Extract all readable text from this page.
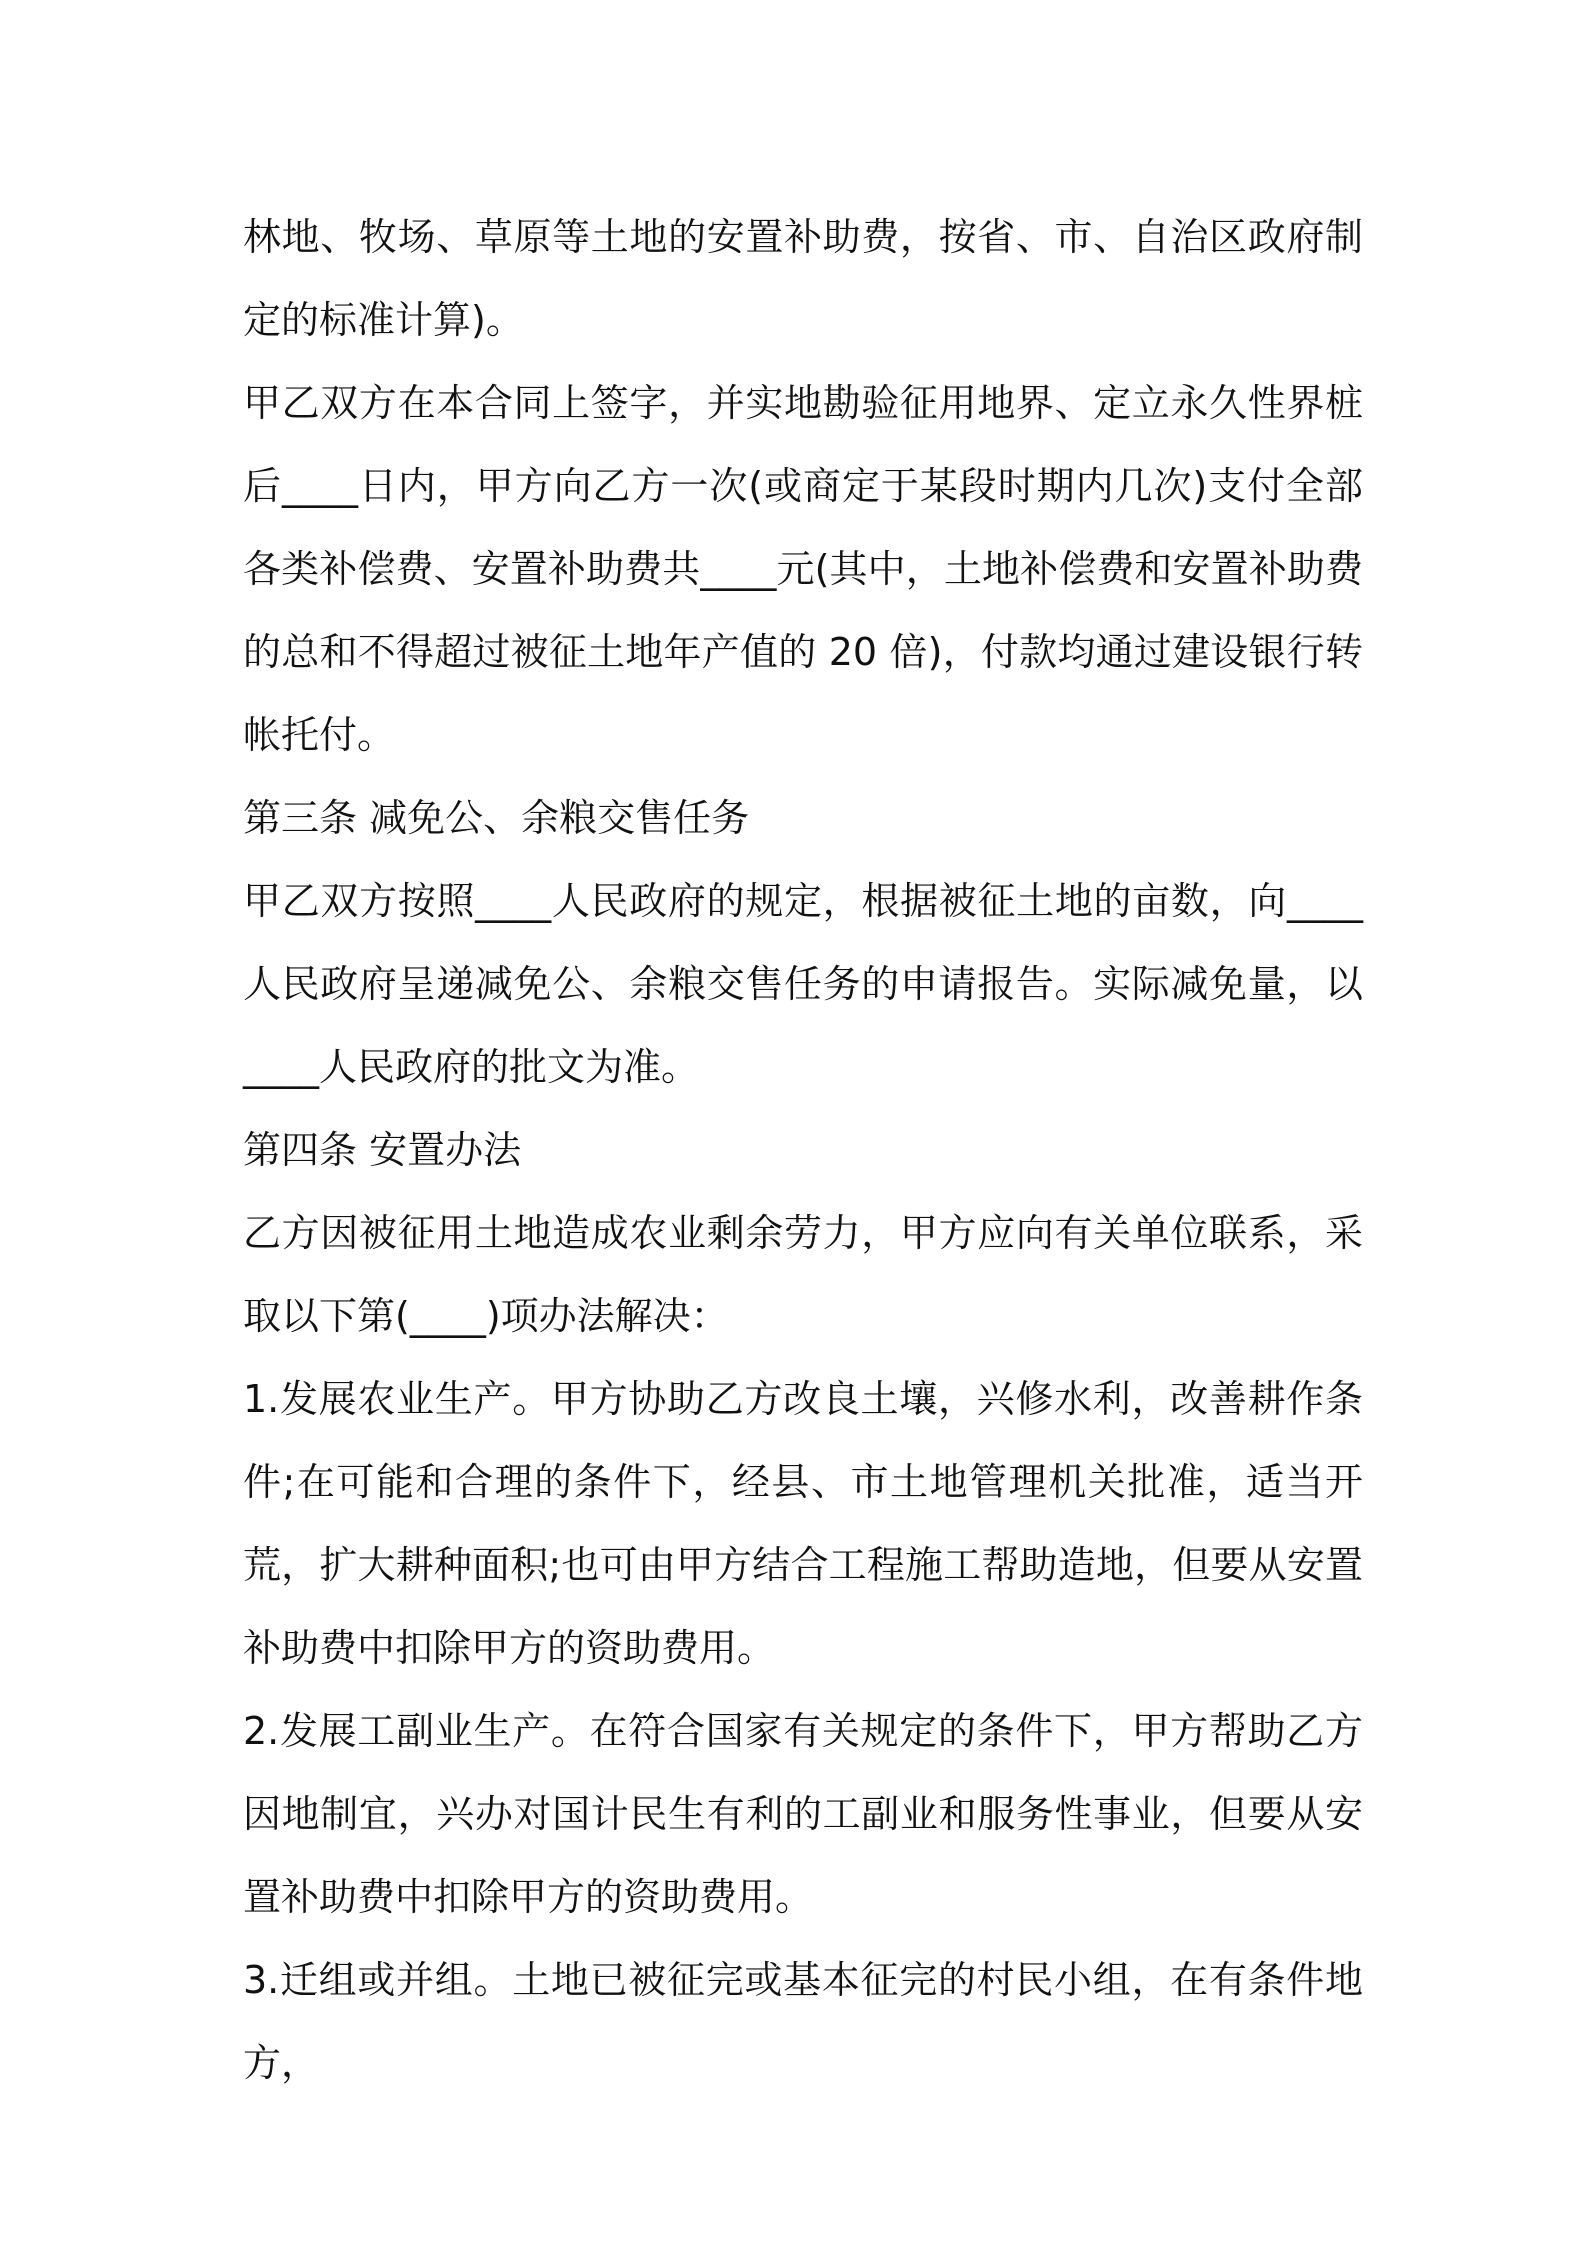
林地、牧场、草原等土地的安置补助费，按省、市、自治区政府制定的标准计算)。

甲乙双方在本合同上签字，并实地勘验征用地界、定立永久性界桩后____日内，甲方向乙方一次(或商定于某段时期内几次)支付全部各类补偿费、安置补助费共____元(其中，土地补偿费和安置补助费的总和不得超过被征土地年产值的 20 倍)，付款均通过建设银行转帐托付。

第三条 减免公、余粮交售任务

甲乙双方按照____人民政府的规定，根据被征土地的亩数，向____人民政府呈递减免公、余粮交售任务的申请报告。实际减免量，以____人民政府的批文为准。

第四条 安置办法

乙方因被征用土地造成农业剩余劳力，甲方应向有关单位联系，采取以下第(____)项办法解决：

1.发展农业生产。甲方协助乙方改良土壤，兴修水利，改善耕作条件;在可能和合理的条件下，经县、市土地管理机关批准，适当开荒，扩大耕种面积;也可由甲方结合工程施工帮助造地，但要从安置补助费中扣除甲方的资助费用。

2.发展工副业生产。在符合国家有关规定的条件下，甲方帮助乙方因地制宜，兴办对国计民生有利的工副业和服务性事业，但要从安置补助费中扣除甲方的资助费用。

3.迁组或并组。土地已被征完或基本征完的村民小组，在有条件地方，
